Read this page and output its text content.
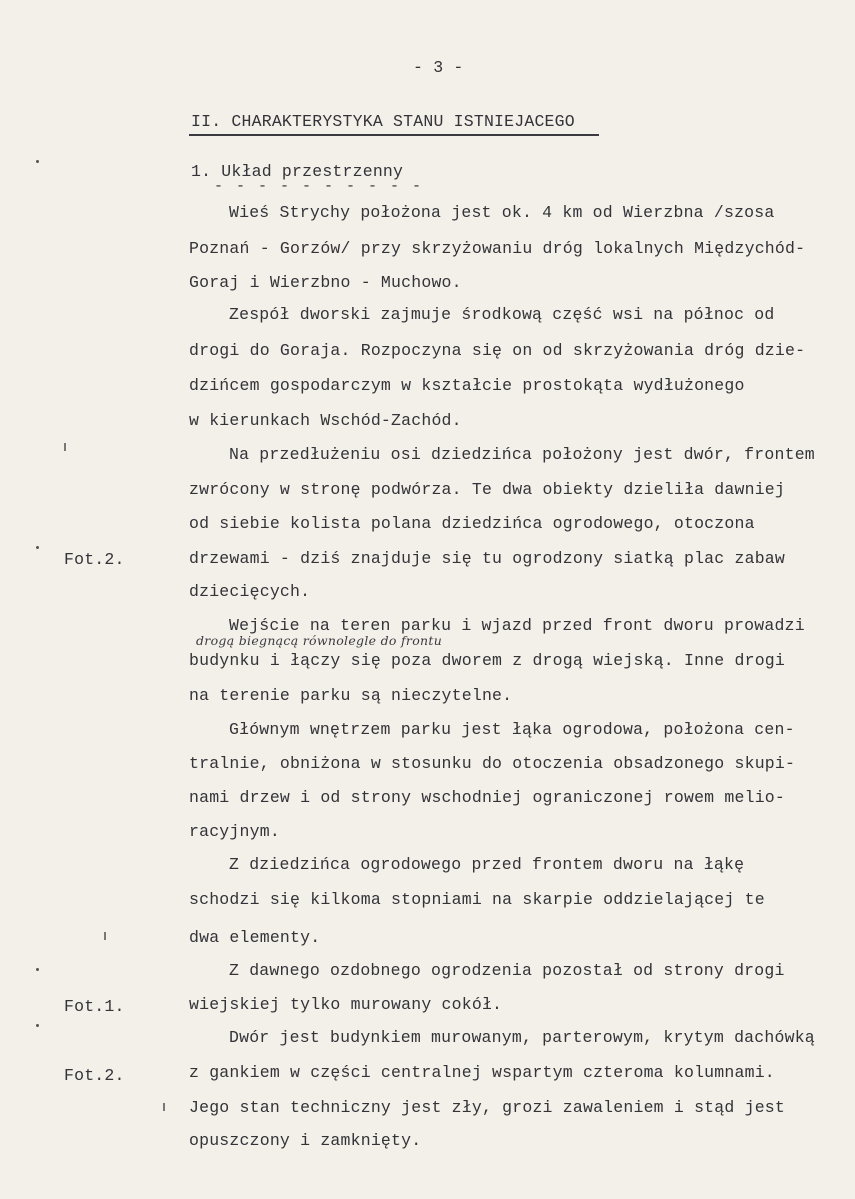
- 3 -
II. CHARAKTERYSTYKA STANU ISTNIEJACEGO
1. Układ przestrzenny
- - - - - - - - - -
Wieś Strychy położona jest ok. 4 km od Wierzbna /szosa
Poznań - Gorzów/ przy skrzyżowaniu dróg lokalnych Międzychód-
Goraj i Wierzbno - Muchowo.
Zespół dworski zajmuje środkową część wsi na północ od
drogi do Goraja. Rozpoczyna się on od skrzyżowania dróg dzie-
dzińcem gospodarczym w kształcie prostokąta wydłużonego
w kierunkach Wschód-Zachód.
Na przedłużeniu osi dziedzińca położony jest dwór, frontem
zwrócony w stronę podwórza. Te dwa obiekty dzieliła dawniej
od siebie kolista polana dziedzińca ogrodowego, otoczona
drzewami - dziś znajduje się tu ogrodzony siatką plac zabaw
dziecięcych.
Wejście na teren parku i wjazd przed front dworu prowadzi
drogą biegnącą równolegle do frontu
budynku i łączy się poza dworem z drogą wiejską. Inne drogi
na terenie parku są nieczytelne.
Głównym wnętrzem parku jest łąka ogrodowa, położona cen-
tralnie, obniżona w stosunku do otoczenia obsadzonego skupi-
nami drzew i od strony wschodniej ograniczonej rowem melio-
racyjnym.
Z dziedzińca ogrodowego przed frontem dworu na łąkę
schodzi się kilkoma stopniami na skarpie oddzielającej te
dwa elementy.
Z dawnego ozdobnego ogrodzenia pozostał od strony drogi
wiejskiej tylko murowany cokół.
Dwór jest budynkiem murowanym, parterowym, krytym dachówką
z gankiem w części centralnej wspartym czteroma kolumnami.
Jego stan techniczny jest zły, grozi zawaleniem i stąd jest
opuszczony i zamknięty.
Fot.2.
Fot.1.
Fot.2.
